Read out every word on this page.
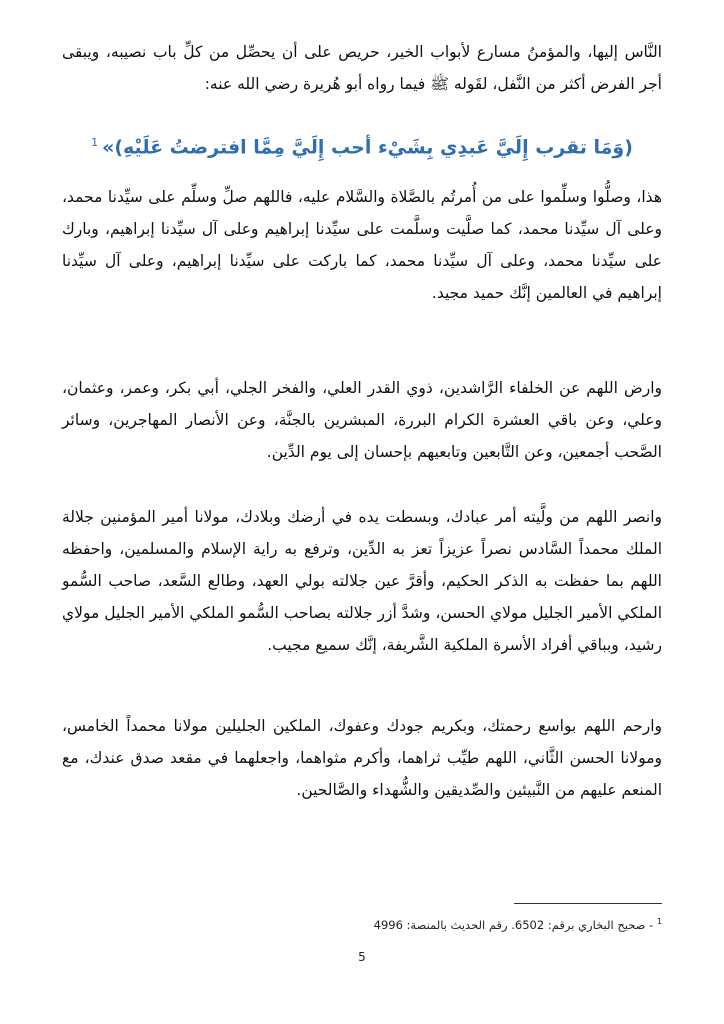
النَّاس إليها، والمؤمنُ مسارع لأبواب الخير، حريص على أن يحصِّل من كلِّ باب نصيبه، ويبقى أجر الفرض أكثر من النَّفل، لقَوله ﷺ فيما رواه أبو هُريرة رضي الله عنه:

(وَمَا تقرب إِلَيَّ عَبدِي بِشَيْء أحب إِلَيَّ مِمَّا افترضتُ عَلَيْهِ)»$^1$

هذا، وصلُّوا وسلِّموا على من أُمرتُم بالصَّلاة والسَّلام عليه، فاللهم صلِّ وسلِّم على سيِّدنا محمد، وعلى آل سيِّدنا محمد، كما صلَّيت وسلَّمت على سيِّدنا إبراهيم وعلى آل سيِّدنا إبراهيم، وبارك على سيِّدنا محمد، وعلى آل سيِّدنا محمد، كما باركت على سيِّدنا إبراهيم، وعلى آل سيِّدنا إبراهيم في العالمين إنَّك حميد مجيد.

وارض اللهم عن الخلفاء الرَّاشدين، ذوي القدر العلي، والفخر الجلي، أبي بكر، وعمر، وعثمان، وعلي، وعن باقي العشرة الكرام البررة، المبشرين بالجنَّة، وعن الأنصار المهاجرين، وسائر الصَّحب أجمعين، وعن التَّابعين وتابعيهم بإحسان إلى يوم الدِّين.

وانصر اللهم من ولَّيته أمر عبادك، وبسطت يده في أرضك وبلادك، مولانا أمير المؤمنين جلالة الملك محمداً السَّادس نصراً عزيزاً تعز به الدِّين، وترفع به راية الإسلام والمسلمين، واحفظه اللهم بما حفظت به الذكر الحكيم، وأقرَّ عين جلالته بولي العهد، وطالع السَّعد، صاحب السُّمو الملكي الأمير الجليل مولاي الحسن، وشدَّ أزر جلالته بصاحب السُّمو الملكي الأمير الجليل مولاي رشيد، وبباقي أفراد الأسرة الملكية الشَّريفة، إنَّك سميع مجيب.

وارحم اللهم بواسع رحمتك، وبكريم جودك وعفوك، الملكين الجليلين مولانا محمداً الخامس، ومولانا الحسن الثَّاني، اللهم طيِّب ثراهما، وأكرم مثواهما، واجعلهما في مقعد صدق عندك، مع المنعم عليهم من النَّبيئين والصِّديقين والشُّهداء والصَّالحين.

$^1$ - صحيح البخاري برقم: 6502. رقم الحديث بالمنصة: 4996
5
